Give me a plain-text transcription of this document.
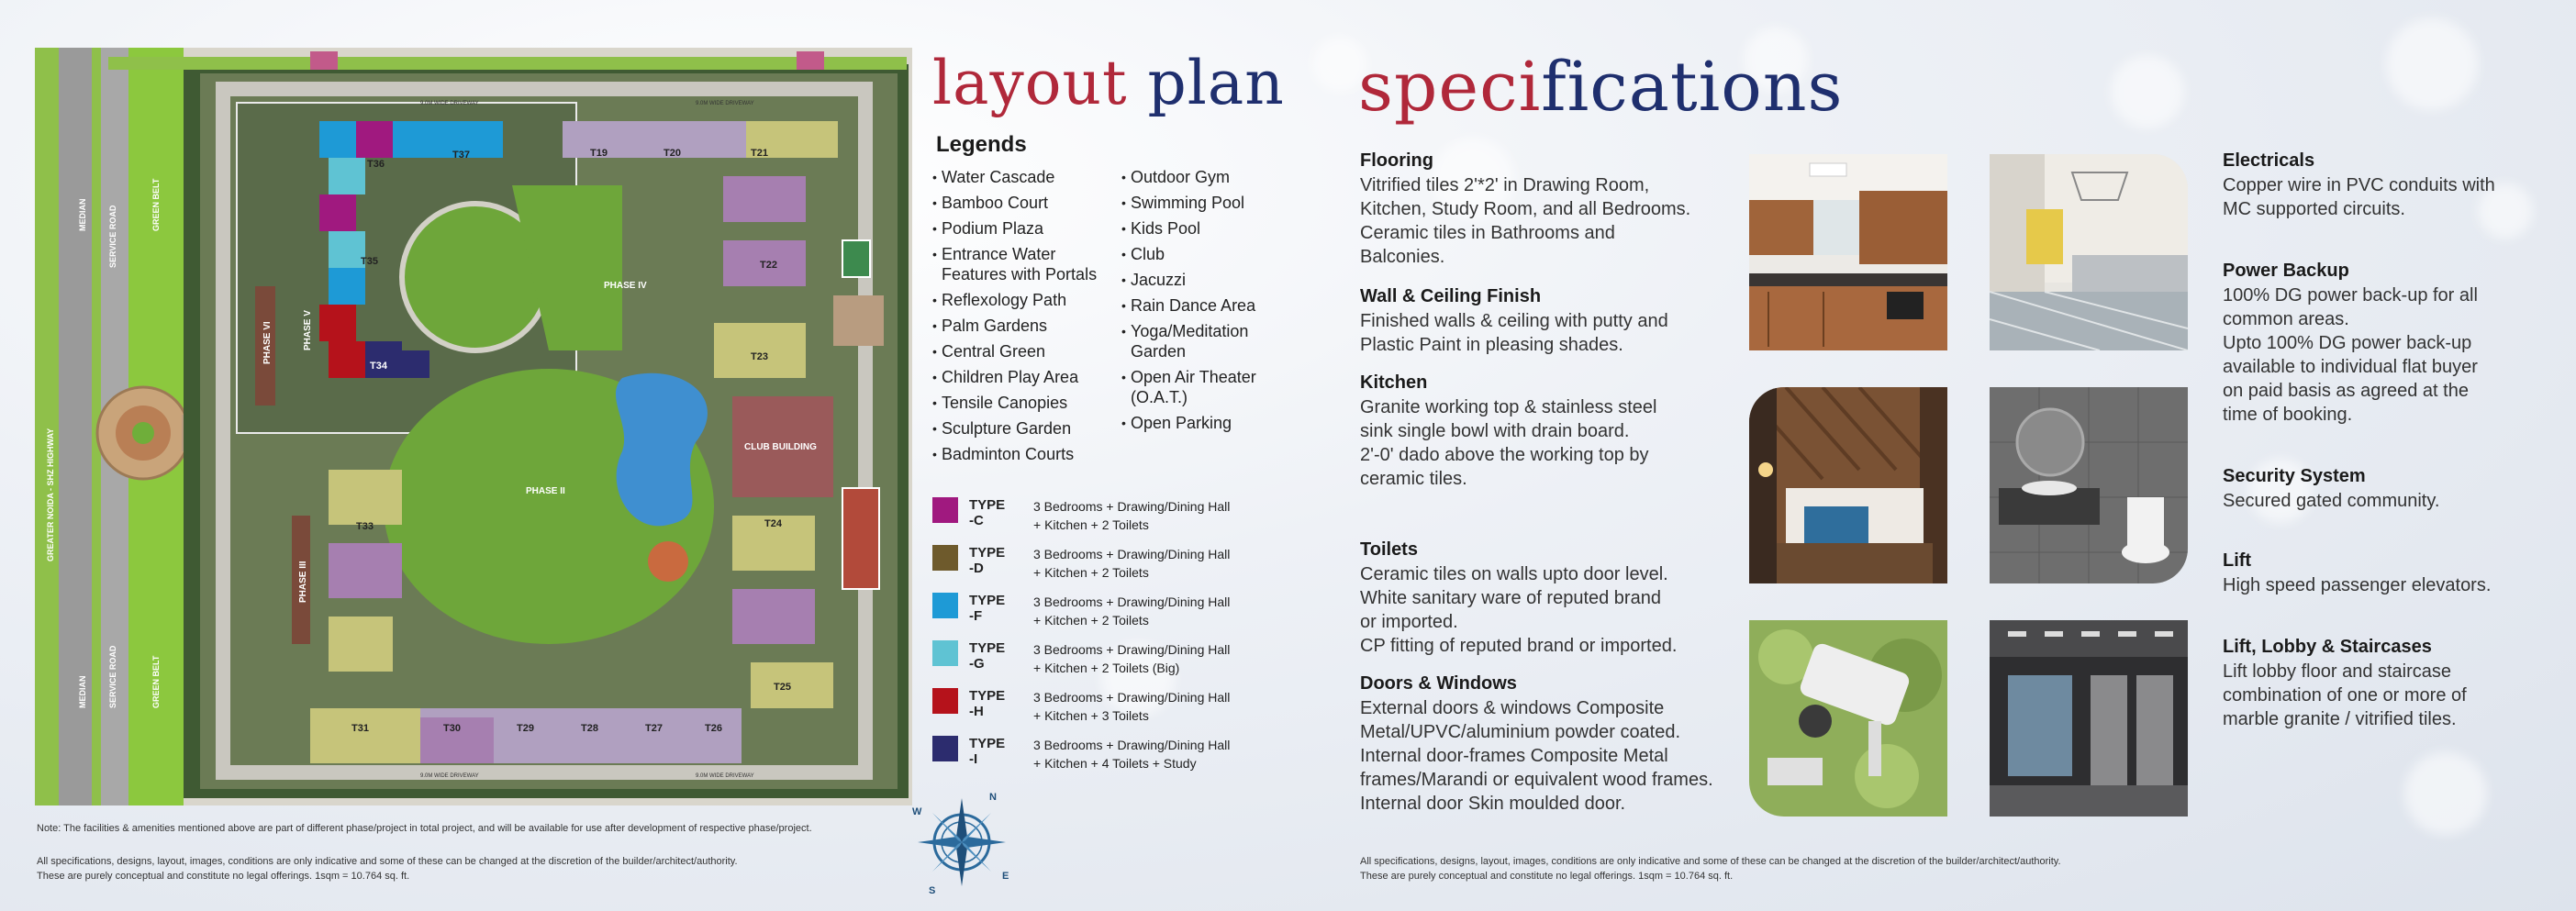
GREATER NOIDA - SHZ HIGHWAY
MEDIAN	SERVICE ROAD
GREEN BELT
MEDIAN	SERVICE ROAD	GREEN BELT
CLUB BUILDING
PHASE VI	PHASE V
PHASE IV
PHASE III
PHASE II
T36
T37	T19	T20	T21
T35	T22
T34
T23
T33	T24
T31	T30	T29	T28	T27	T26
T25
9.0M WIDE DRIVEWAY	9.0M WIDE DRIVEWAY
9.0M WIDE DRIVEWAY	9.0M WIDE DRIVEWAY
Note: The facilities & amenities mentioned above are part of different phase/project in total project, and will be available for use after development of respective phase/project.
All specifications, designs, layout, images, conditions are only indicative and some of these can be changed at the discretion of the builder/architect/authority.
These are purely conceptual and constitute no legal offerings. 1sqm = 10.764 sq. ft.
layout plan
Legends
• Water Cascade
• Bamboo Court
• Podium Plaza
• Entrance Water
Features with Portals
• Reflexology Path
• Palm Gardens
• Central Green
• Children Play Area
• Tensile Canopies
• Sculpture Garden
• Badminton Courts
• Outdoor Gym
• Swimming Pool
• Kids Pool
• Club
• Jacuzzi
• Rain Dance Area
• Yoga/Meditation
Garden
• Open Air Theater
(O.A.T.)
• Open Parking
TYPE -C
3 Bedrooms + Drawing/Dining Hall
+ Kitchen + 2 Toilets
TYPE -D
3 Bedrooms + Drawing/Dining Hall
+ Kitchen + 2 Toilets
TYPE -F
3 Bedrooms + Drawing/Dining Hall
+ Kitchen + 2 Toilets
TYPE -G
3 Bedrooms + Drawing/Dining Hall
+ Kitchen + 2 Toilets (Big)
TYPE -H
3 Bedrooms + Drawing/Dining Hall
+ Kitchen + 3 Toilets
TYPE -I
3 Bedrooms + Drawing/Dining Hall
+ Kitchen + 4 Toilets + Study
N
E
S
W
specifications
Flooring
Vitrified tiles 2'*2' in Drawing Room,
Kitchen, Study Room, and all Bedrooms.
Ceramic tiles in Bathrooms and
Balconies.
Wall & Ceiling Finish
Finished walls & ceiling with putty and
Plastic Paint in pleasing shades.
Kitchen
Granite working top & stainless steel
sink single bowl with drain board.
2'-0' dado above the working top by
ceramic tiles.
Toilets
Ceramic tiles on walls upto door level.
White sanitary ware of reputed brand
or imported.
CP fitting of reputed brand or imported.
Doors & Windows
External doors & windows Composite
Metal/UPVC/aluminium powder coated.
Internal door-frames Composite Metal
frames/Marandi or equivalent wood frames.
Internal door Skin moulded door.
Electricals
Copper wire in PVC conduits with
MC supported circuits.
Power Backup
100% DG power back-up for all
common areas.
Upto 100% DG power back-up
available to individual flat buyer
on paid basis as agreed at the
time of booking.
Security System
Secured gated community.
Lift
High speed passenger elevators.
Lift, Lobby & Staircases
Lift lobby floor and staircase
combination of one or more of
marble granite / vitrified tiles.
All specifications, designs, layout, images, conditions are only indicative and some of these can be changed at the discretion of the builder/architect/authority.
These are purely conceptual and constitute no legal offerings. 1sqm = 10.764 sq. ft.
